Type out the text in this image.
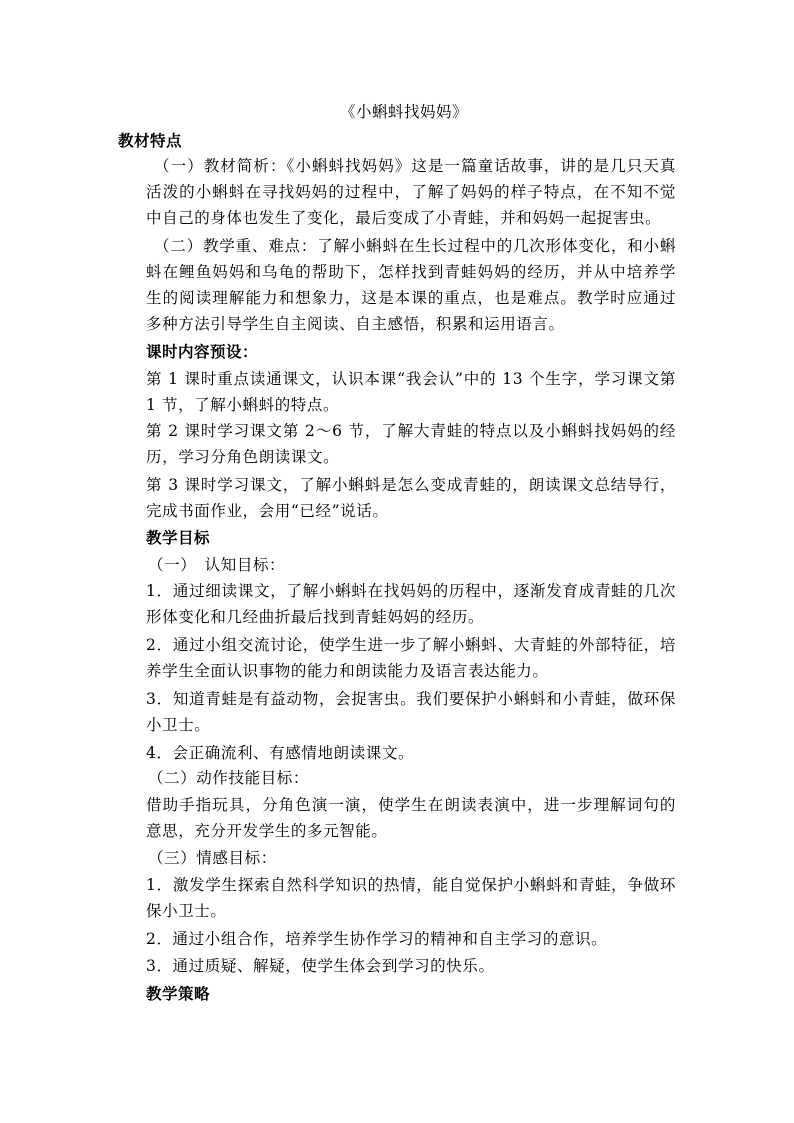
《小蝌蚪找妈妈》
教材特点

（一）教材简析：《小蝌蚪找妈妈》这是一篇童话故事，讲的是几只天真活泼的小蝌蚪在寻找妈妈的过程中，了解了妈妈的样子特点，在不知不觉中自己的身体也发生了变化，最后变成了小青蛙，并和妈妈一起捉害虫。

（二）教学重、难点：了解小蝌蚪在生长过程中的几次形体变化，和小蝌蚪在鲤鱼妈妈和乌龟的帮助下，怎样找到青蛙妈妈的经历，并从中培养学生的阅读理解能力和想象力，这是本课的重点，也是难点。教学时应通过多种方法引导学生自主阅读、自主感悟，积累和运用语言。

课时内容预设：

第 1 课时重点读通课文，认识本课“我会认”中的 13 个生字，学习课文第 1 节，了解小蝌蚪的特点。

第 2 课时学习课文第 2～6 节，了解大青蛙的特点以及小蝌蚪找妈妈的经历，学习分角色朗读课文。

第 3 课时学习课文，了解小蝌蚪是怎么变成青蛙的，朗读课文总结导行，完成书面作业，会用“已经”说话。

教学目标
（一）　认知目标：

1．通过细读课文，了解小蝌蚪在找妈妈的历程中，逐渐发育成青蛙的几次形体变化和几经曲折最后找到青蛙妈妈的经历。

2．通过小组交流讨论，使学生进一步了解小蝌蚪、大青蛙的外部特征，培养学生全面认识事物的能力和朗读能力及语言表达能力。

3．知道青蛙是有益动物，会捉害虫。我们要保护小蝌蚪和小青蛙，做环保小卫士。

4．会正确流利、有感情地朗读课文。

（二）动作技能目标：

借助手指玩具，分角色演一演，使学生在朗读表演中，进一步理解词句的意思，充分开发学生的多元智能。

（三）情感目标：

1．激发学生探索自然科学知识的热情，能自觉保护小蝌蚪和青蛙，争做环保小卫士。

2．通过小组合作，培养学生协作学习的精神和自主学习的意识。

3．通过质疑、解疑，使学生体会到学习的快乐。

教学策略
